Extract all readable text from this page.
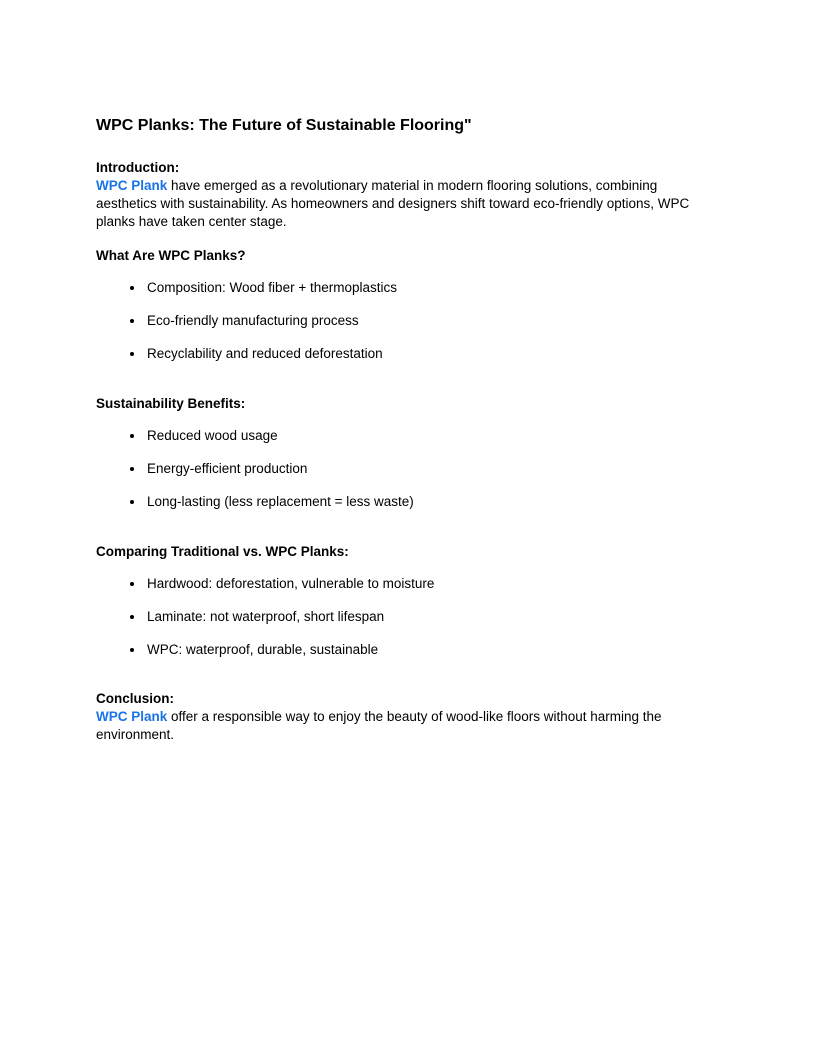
WPC Planks: The Future of Sustainable Flooring"

Introduction:
WPC Plank have emerged as a revolutionary material in modern flooring solutions, combining aesthetics with sustainability. As homeowners and designers shift toward eco-friendly options, WPC planks have taken center stage.

What Are WPC Planks?
• Composition: Wood fiber + thermoplastics
• Eco-friendly manufacturing process
• Recyclability and reduced deforestation
Sustainability Benefits:
• Reduced wood usage
• Energy-efficient production
• Long-lasting (less replacement = less waste)
Comparing Traditional vs. WPC Planks:
• Hardwood: deforestation, vulnerable to moisture
• Laminate: not waterproof, short lifespan
• WPC: waterproof, durable, sustainable

Conclusion:
WPC Plank offer a responsible way to enjoy the beauty of wood-like floors without harming the environment.
